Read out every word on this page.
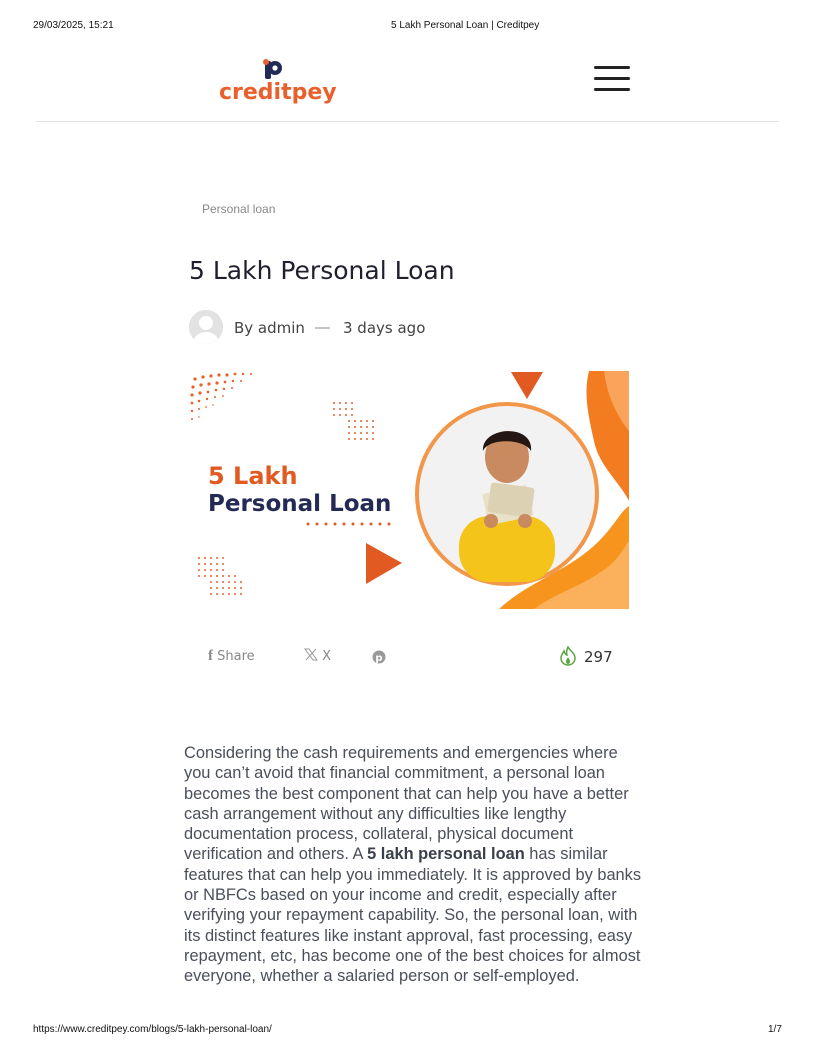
29/03/2025, 15:21	5 Lakh Personal Loan | Creditpey
creditpey
Personal loan
5 Lakh Personal Loan
By admin — 3 days ago
5 Lakh
Personal Loan
f Share	X	p	297

Considering the cash requirements and emergencies where you can’t avoid that financial commitment, a personal loan becomes the best component that can help you have a better cash arrangement without any difficulties like lengthy documentation process, collateral, physical document verification and others. A 5 lakh personal loan has similar features that can help you immediately. It is approved by banks or NBFCs based on your income and credit, especially after verifying your repayment capability. So, the personal loan, with its distinct features like instant approval, fast processing, easy repayment, etc, has become one of the best choices for almost everyone, whether a salaried person or self-employed.

https://www.creditpey.com/blogs/5-lakh-personal-loan/	1/7
